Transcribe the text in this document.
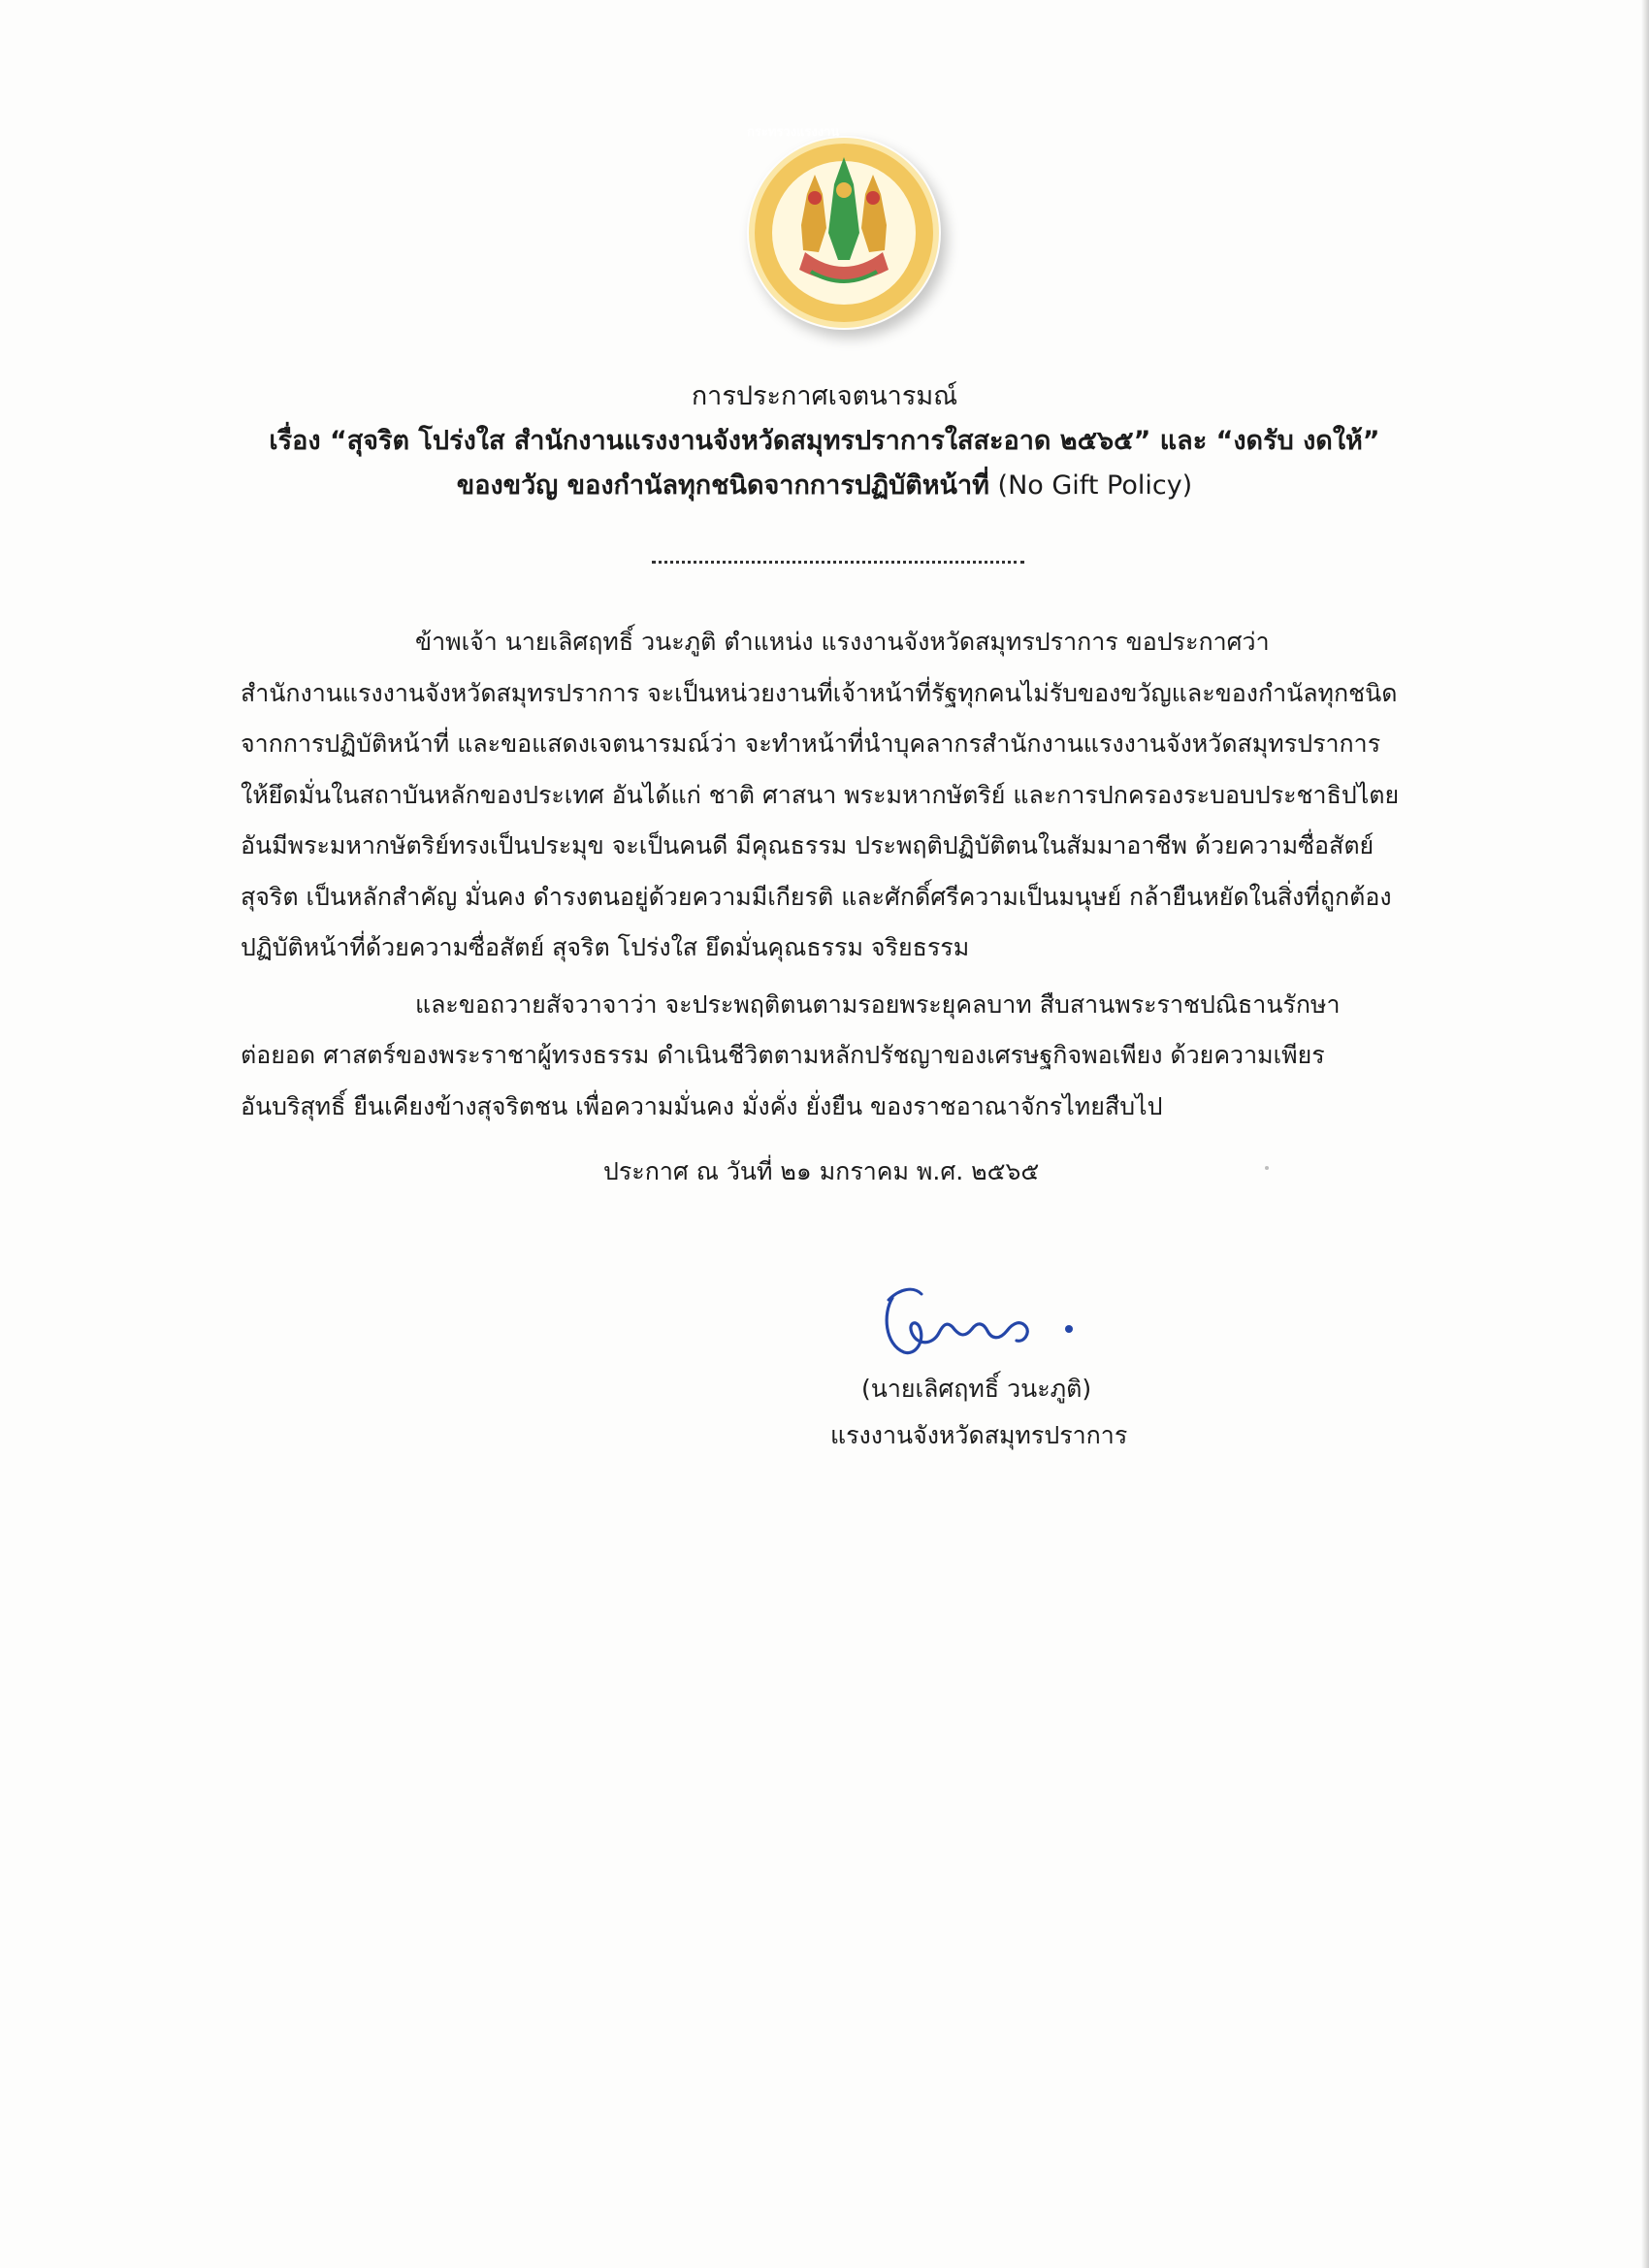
กระทรวงแรงงาน
การประกาศเจตนารมณ์
เรื่อง “สุจริต โปร่งใส สำนักงานแรงงานจังหวัดสมุทรปราการใสสะอาด ๒๕๖๕” และ “งดรับ งดให้”
ของขวัญ ของกำนัลทุกชนิดจากการปฏิบัติหน้าที่ (No Gift Policy)

ข้าพเจ้า นายเลิศฤทธิ์ วนะภูติ ตำแหน่ง แรงงานจังหวัดสมุทรปราการ ขอประกาศว่า
สำนักงานแรงงานจังหวัดสมุทรปราการ จะเป็นหน่วยงานที่เจ้าหน้าที่รัฐทุกคนไม่รับของขวัญและของกำนัลทุกชนิด
จากการปฏิบัติหน้าที่ และขอแสดงเจตนารมณ์ว่า จะทำหน้าที่นำบุคลากรสำนักงานแรงงานจังหวัดสมุทรปราการ
ให้ยึดมั่นในสถาบันหลักของประเทศ อันได้แก่ ชาติ ศาสนา พระมหากษัตริย์ และการปกครองระบอบประชาธิปไตย
อันมีพระมหากษัตริย์ทรงเป็นประมุข จะเป็นคนดี มีคุณธรรม ประพฤติปฏิบัติตนในสัมมาอาชีพ ด้วยความซื่อสัตย์
สุจริต เป็นหลักสำคัญ มั่นคง ดำรงตนอยู่ด้วยความมีเกียรติ และศักดิ์ศรีความเป็นมนุษย์ กล้ายืนหยัดในสิ่งที่ถูกต้อง
ปฏิบัติหน้าที่ด้วยความซื่อสัตย์ สุจริต โปร่งใส ยึดมั่นคุณธรรม จริยธรรม

และขอถวายสัจวาจาว่า จะประพฤติตนตามรอยพระยุคลบาท สืบสานพระราชปณิธานรักษา
ต่อยอด ศาสตร์ของพระราชาผู้ทรงธรรม ดำเนินชีวิตตามหลักปรัชญาของเศรษฐกิจพอเพียง ด้วยความเพียร
อันบริสุทธิ์ ยืนเคียงข้างสุจริตชน เพื่อความมั่นคง มั่งคั่ง ยั่งยืน ของราชอาณาจักรไทยสืบไป

ประกาศ ณ วันที่ ๒๑ มกราคม พ.ศ. ๒๕๖๕
(นายเลิศฤทธิ์ วนะภูติ)
แรงงานจังหวัดสมุทรปราการ
